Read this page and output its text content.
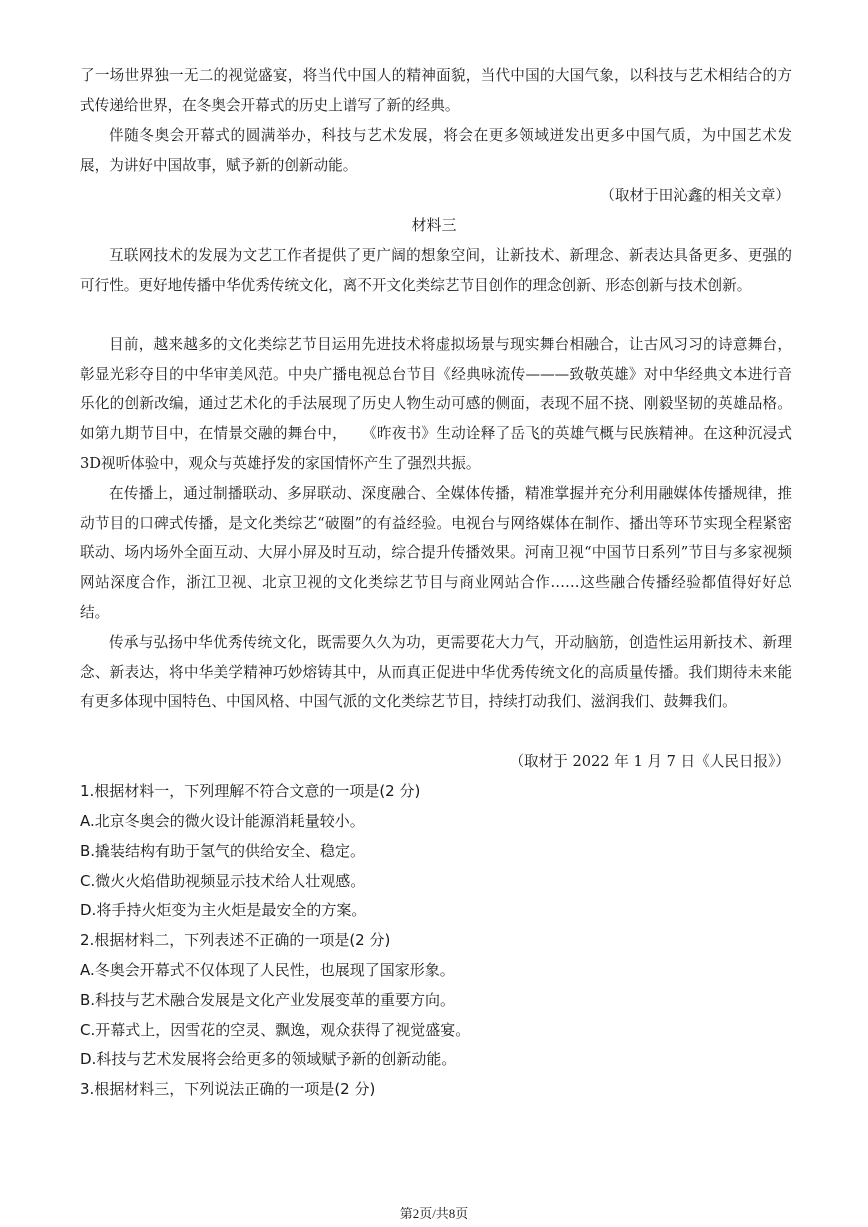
了一场世界独一无二的视觉盛宴，将当代中国人的精神面貌，当代中国的大国气象，以科技与艺术相结合的方式传递给世界，在冬奥会开幕式的历史上谱写了新的经典。

伴随冬奥会开幕式的圆满举办，科技与艺术发展，将会在更多领域迸发出更多中国气质，为中国艺术发展，为讲好中国故事，赋予新的创新动能。

（取材于田沁鑫的相关文章）
材料三

互联网技术的发展为文艺工作者提供了更广阔的想象空间，让新技术、新理念、新表达具备更多、更强的可行性。更好地传播中华优秀传统文化，离不开文化类综艺节目创作的理念创新、形态创新与技术创新。

目前，越来越多的文化类综艺节目运用先进技术将虚拟场景与现实舞台相融合，让古风习习的诗意舞台，彰显光彩夺目的中华审美风范。中央广播电视总台节目《经典咏流传———致敬英雄》对中华经典文本进行音乐化的创新改编，通过艺术化的手法展现了历史人物生动可感的侧面，表现不屈不挠、刚毅坚韧的英雄品格。如第九期节目中，在情景交融的舞台中，　　《昨夜书》生动诠释了岳飞的英雄气概与民族精神。在这种沉浸式3D视听体验中，观众与英雄抒发的家国情怀产生了强烈共振。

在传播上，通过制播联动、多屏联动、深度融合、全媒体传播，精准掌握并充分利用融媒体传播规律，推动节目的口碑式传播，是文化类综艺“破圈”的有益经验。电视台与网络媒体在制作、播出等环节实现全程紧密联动、场内场外全面互动、大屏小屏及时互动，综合提升传播效果。河南卫视“中国节日系列”节目与多家视频网站深度合作，浙江卫视、北京卫视的文化类综艺节目与商业网站合作……这些融合传播经验都值得好好总结。

传承与弘扬中华优秀传统文化，既需要久久为功，更需要花大力气，开动脑筋，创造性运用新技术、新理念、新表达，将中华美学精神巧妙熔铸其中，从而真正促进中华优秀传统文化的高质量传播。我们期待未来能有更多体现中国特色、中国风格、中国气派的文化类综艺节目，持续打动我们、滋润我们、鼓舞我们。

（取材于 2022 年 1 月 7 日《人民日报》）
1.根据材料一，下列理解不符合文意的一项是(2 分)
A.北京冬奥会的微火设计能源消耗量较小。
B.撬装结构有助于氢气的供给安全、稳定。
C.微火火焰借助视频显示技术给人壮观感。
D.将手持火炬变为主火炬是最安全的方案。
2.根据材料二，下列表述不正确的一项是(2 分)
A.冬奥会开幕式不仅体现了人民性，也展现了国家形象。
B.科技与艺术融合发展是文化产业发展变革的重要方向。
C.开幕式上，因雪花的空灵、飘逸，观众获得了视觉盛宴。
D.科技与艺术发展将会给更多的领域赋予新的创新动能。
3.根据材料三，下列说法正确的一项是(2 分)
第2页/共8页
